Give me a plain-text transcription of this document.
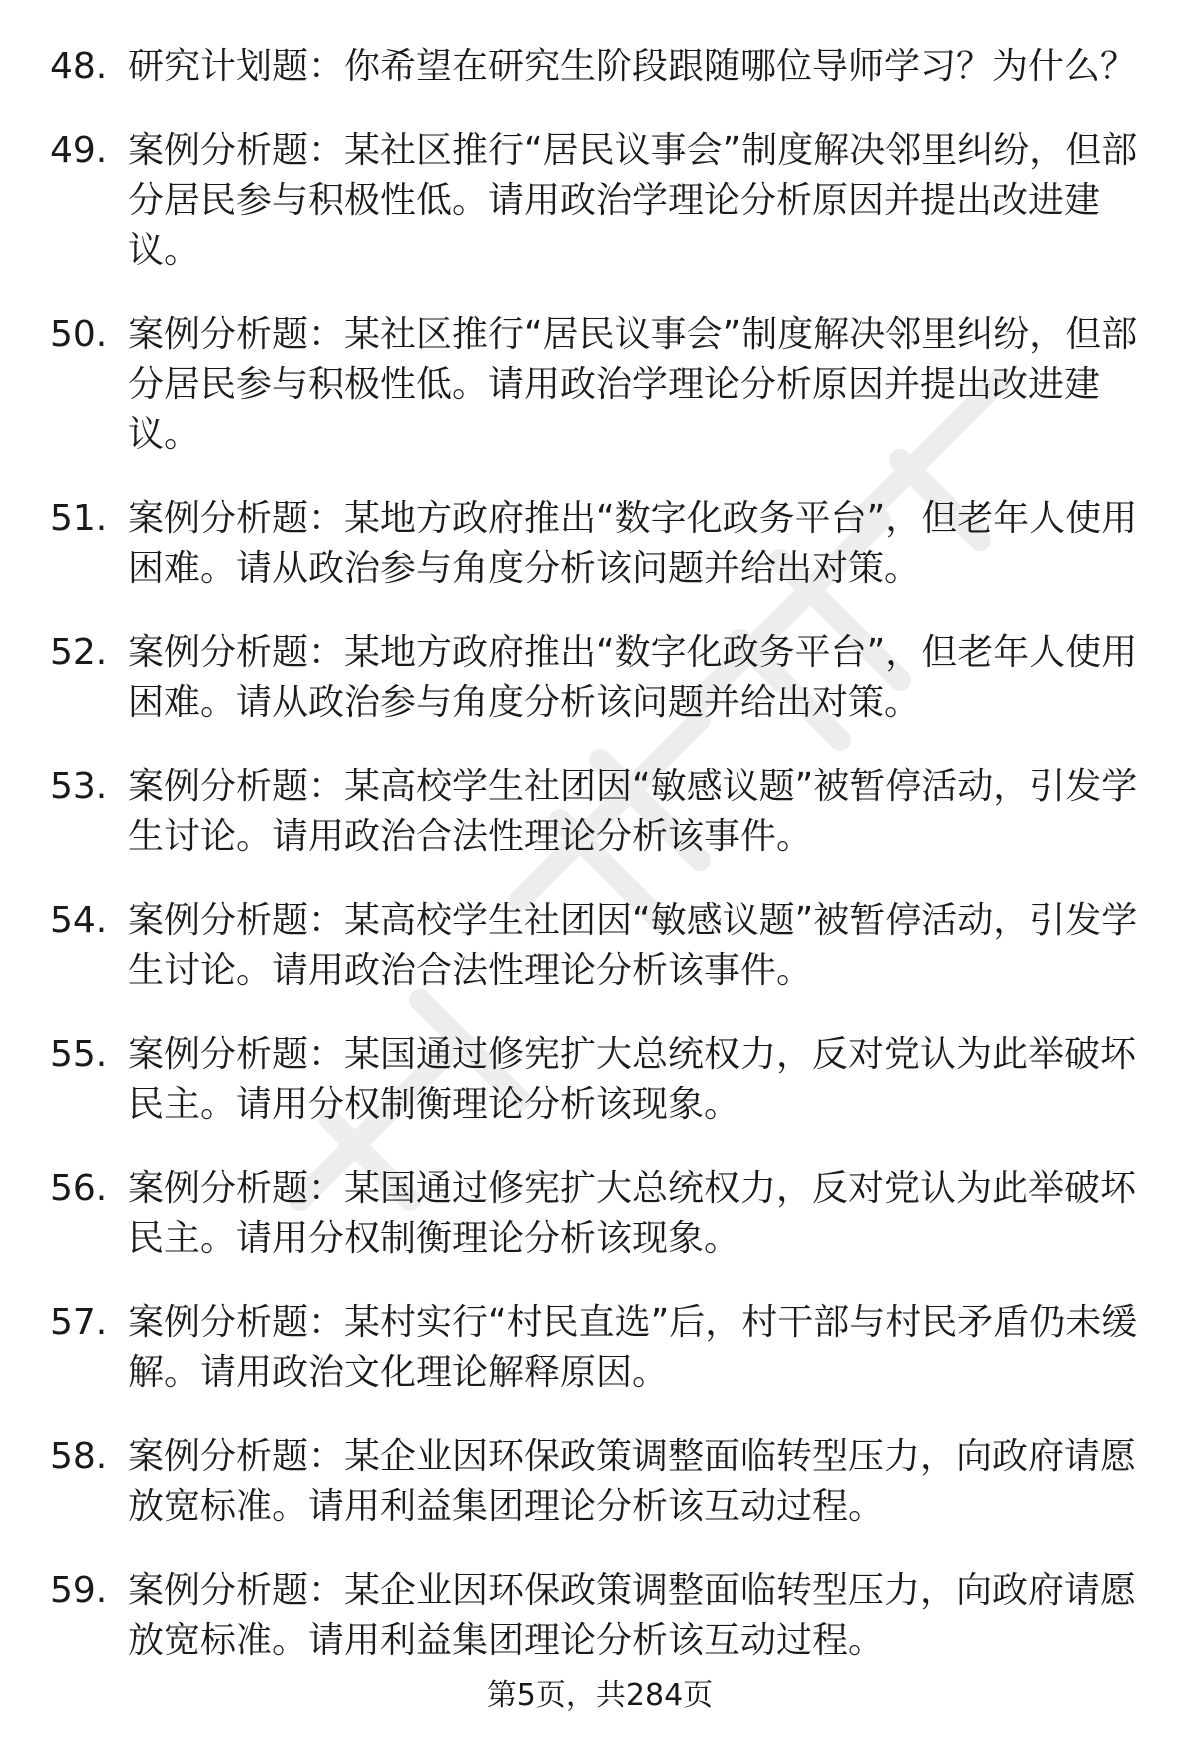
48. 研究计划题：你希望在研究生阶段跟随哪位导师学习？为什么？
49. 案例分析题：某社区推行“居民议事会”制度解决邻里纠纷，但部分居民参与积极性低。请用政治学理论分析原因并提出改进建议。
50. 案例分析题：某社区推行“居民议事会”制度解决邻里纠纷，但部分居民参与积极性低。请用政治学理论分析原因并提出改进建议。
51. 案例分析题：某地方政府推出“数字化政务平台”，但老年人使用困难。请从政治参与角度分析该问题并给出对策。
52. 案例分析题：某地方政府推出“数字化政务平台”，但老年人使用困难。请从政治参与角度分析该问题并给出对策。
53. 案例分析题：某高校学生社团因“敏感议题”被暂停活动，引发学生讨论。请用政治合法性理论分析该事件。
54. 案例分析题：某高校学生社团因“敏感议题”被暂停活动，引发学生讨论。请用政治合法性理论分析该事件。
55. 案例分析题：某国通过修宪扩大总统权力，反对党认为此举破坏民主。请用分权制衡理论分析该现象。
56. 案例分析题：某国通过修宪扩大总统权力，反对党认为此举破坏民主。请用分权制衡理论分析该现象。
57. 案例分析题：某村实行“村民直选”后，村干部与村民矛盾仍未缓解。请用政治文化理论解释原因。
58. 案例分析题：某企业因环保政策调整面临转型压力，向政府请愿放宽标准。请用利益集团理论分析该互动过程。
59. 案例分析题：某企业因环保政策调整面临转型压力，向政府请愿放宽标准。请用利益集团理论分析该互动过程。
第5页，共284页
